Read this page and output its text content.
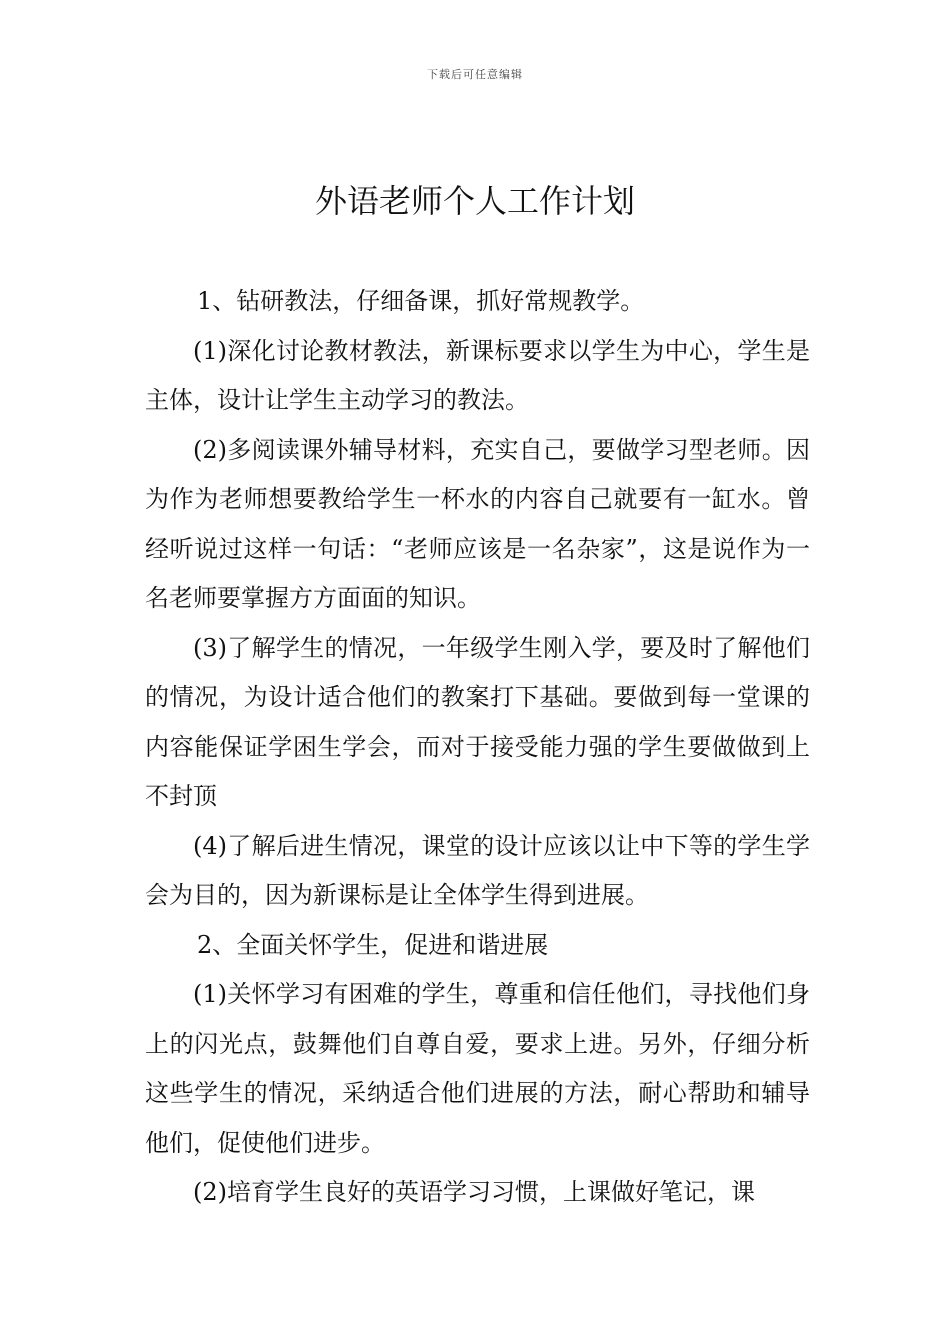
下载后可任意编辑
外语老师个人工作计划

1、钻研教法，仔细备课，抓好常规教学。

(1)深化讨论教材教法，新课标要求以学生为中心，学生是主体，设计让学生主动学习的教法。

(2)多阅读课外辅导材料，充实自己，要做学习型老师。因为作为老师想要教给学生一杯水的内容自己就要有一缸水。曾经听说过这样一句话：“老师应该是一名杂家”，这是说作为一名老师要掌握方方面面的知识。

(3)了解学生的情况，一年级学生刚入学，要及时了解他们的情况，为设计适合他们的教案打下基础。要做到每一堂课的内容能保证学困生学会，而对于接受能力强的学生要做做到上不封顶

(4)了解后进生情况，课堂的设计应该以让中下等的学生学会为目的，因为新课标是让全体学生得到进展。

2、全面关怀学生，促进和谐进展

(1)关怀学习有困难的学生，尊重和信任他们，寻找他们身上的闪光点，鼓舞他们自尊自爱，要求上进。另外，仔细分析这些学生的情况，采纳适合他们进展的方法，耐心帮助和辅导他们，促使他们进步。

(2)培育学生良好的英语学习习惯，上课做好笔记，课
